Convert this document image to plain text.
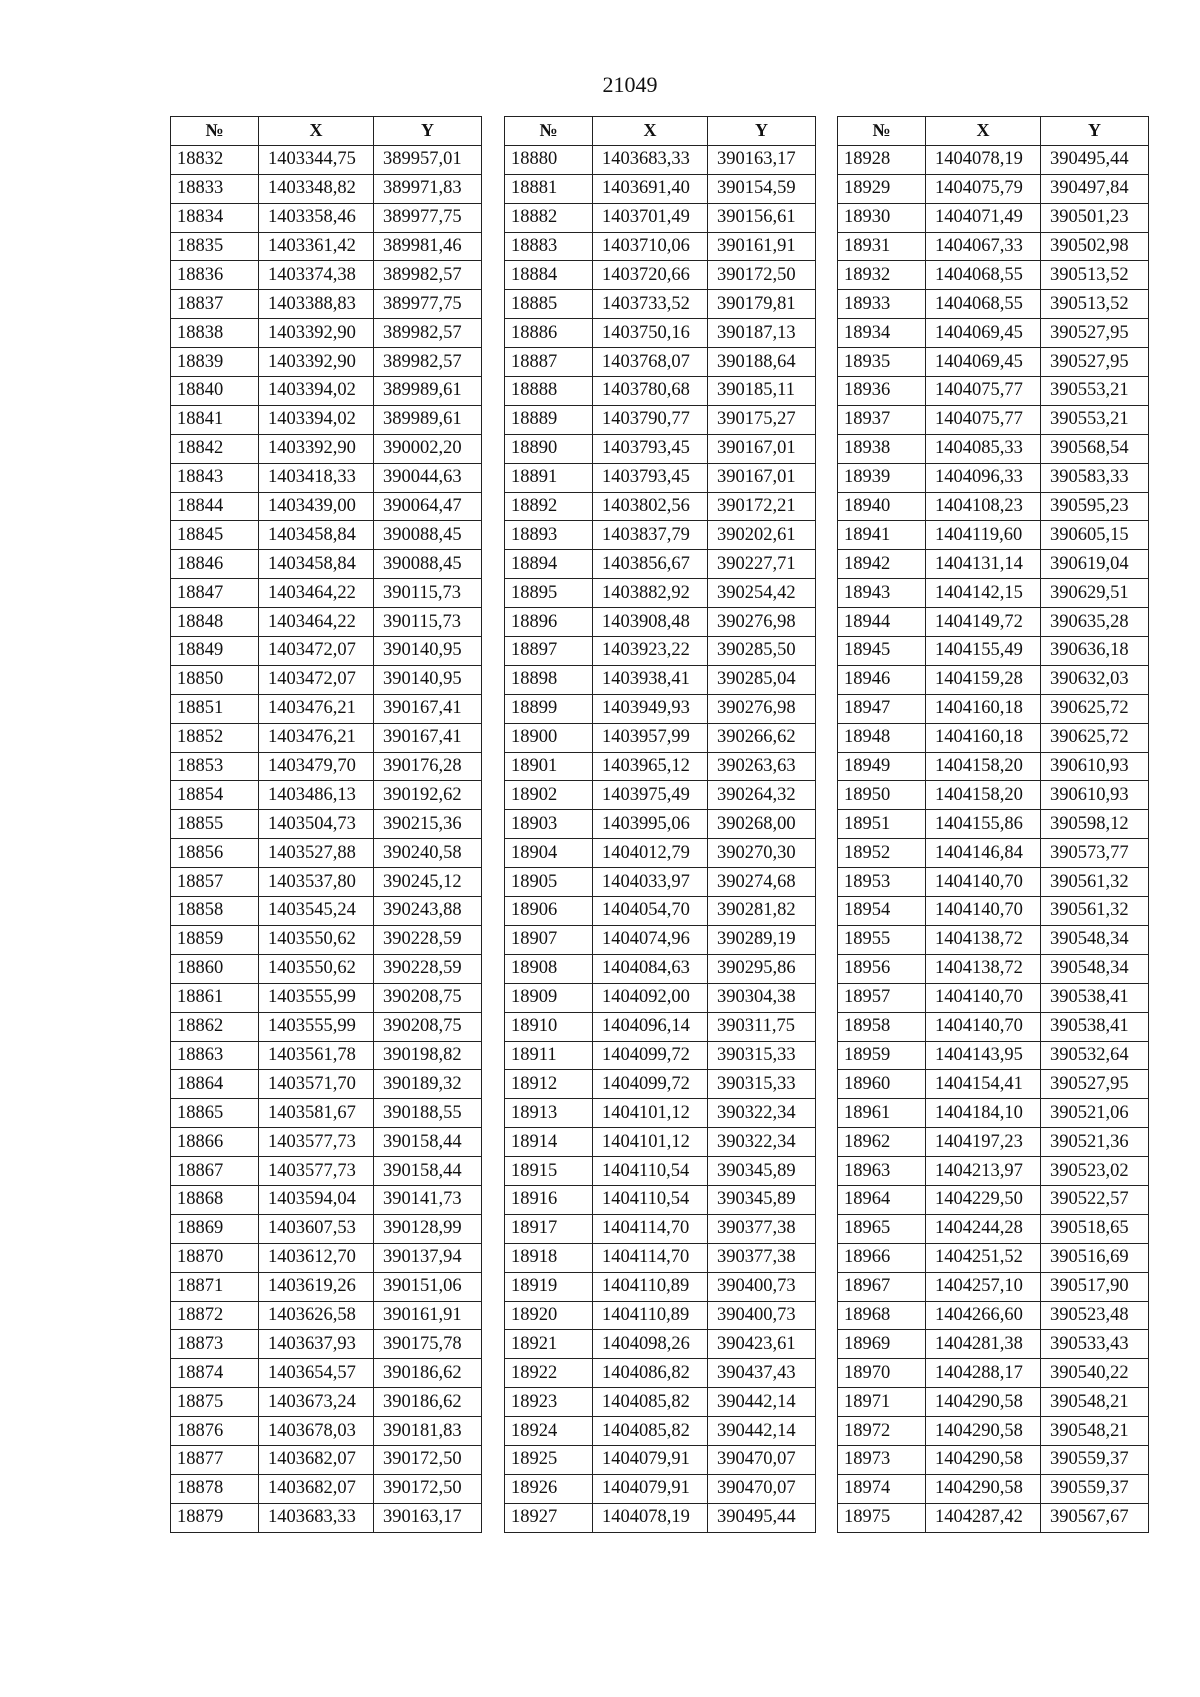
21049
№	X	Y
18832	1403344,75	389957,01
18833	1403348,82	389971,83
18834	1403358,46	389977,75
18835	1403361,42	389981,46
18836	1403374,38	389982,57
18837	1403388,83	389977,75
18838	1403392,90	389982,57
18839	1403392,90	389982,57
18840	1403394,02	389989,61
18841	1403394,02	389989,61
18842	1403392,90	390002,20
18843	1403418,33	390044,63
18844	1403439,00	390064,47
18845	1403458,84	390088,45
18846	1403458,84	390088,45
18847	1403464,22	390115,73
18848	1403464,22	390115,73
18849	1403472,07	390140,95
18850	1403472,07	390140,95
18851	1403476,21	390167,41
18852	1403476,21	390167,41
18853	1403479,70	390176,28
18854	1403486,13	390192,62
18855	1403504,73	390215,36
18856	1403527,88	390240,58
18857	1403537,80	390245,12
18858	1403545,24	390243,88
18859	1403550,62	390228,59
18860	1403550,62	390228,59
18861	1403555,99	390208,75
18862	1403555,99	390208,75
18863	1403561,78	390198,82
18864	1403571,70	390189,32
18865	1403581,67	390188,55
18866	1403577,73	390158,44
18867	1403577,73	390158,44
18868	1403594,04	390141,73
18869	1403607,53	390128,99
18870	1403612,70	390137,94
18871	1403619,26	390151,06
18872	1403626,58	390161,91
18873	1403637,93	390175,78
18874	1403654,57	390186,62
18875	1403673,24	390186,62
18876	1403678,03	390181,83
18877	1403682,07	390172,50
18878	1403682,07	390172,50
18879	1403683,33	390163,17
№	X	Y
18880	1403683,33	390163,17
18881	1403691,40	390154,59
18882	1403701,49	390156,61
18883	1403710,06	390161,91
18884	1403720,66	390172,50
18885	1403733,52	390179,81
18886	1403750,16	390187,13
18887	1403768,07	390188,64
18888	1403780,68	390185,11
18889	1403790,77	390175,27
18890	1403793,45	390167,01
18891	1403793,45	390167,01
18892	1403802,56	390172,21
18893	1403837,79	390202,61
18894	1403856,67	390227,71
18895	1403882,92	390254,42
18896	1403908,48	390276,98
18897	1403923,22	390285,50
18898	1403938,41	390285,04
18899	1403949,93	390276,98
18900	1403957,99	390266,62
18901	1403965,12	390263,63
18902	1403975,49	390264,32
18903	1403995,06	390268,00
18904	1404012,79	390270,30
18905	1404033,97	390274,68
18906	1404054,70	390281,82
18907	1404074,96	390289,19
18908	1404084,63	390295,86
18909	1404092,00	390304,38
18910	1404096,14	390311,75
18911	1404099,72	390315,33
18912	1404099,72	390315,33
18913	1404101,12	390322,34
18914	1404101,12	390322,34
18915	1404110,54	390345,89
18916	1404110,54	390345,89
18917	1404114,70	390377,38
18918	1404114,70	390377,38
18919	1404110,89	390400,73
18920	1404110,89	390400,73
18921	1404098,26	390423,61
18922	1404086,82	390437,43
18923	1404085,82	390442,14
18924	1404085,82	390442,14
18925	1404079,91	390470,07
18926	1404079,91	390470,07
18927	1404078,19	390495,44
№	X	Y
18928	1404078,19	390495,44
18929	1404075,79	390497,84
18930	1404071,49	390501,23
18931	1404067,33	390502,98
18932	1404068,55	390513,52
18933	1404068,55	390513,52
18934	1404069,45	390527,95
18935	1404069,45	390527,95
18936	1404075,77	390553,21
18937	1404075,77	390553,21
18938	1404085,33	390568,54
18939	1404096,33	390583,33
18940	1404108,23	390595,23
18941	1404119,60	390605,15
18942	1404131,14	390619,04
18943	1404142,15	390629,51
18944	1404149,72	390635,28
18945	1404155,49	390636,18
18946	1404159,28	390632,03
18947	1404160,18	390625,72
18948	1404160,18	390625,72
18949	1404158,20	390610,93
18950	1404158,20	390610,93
18951	1404155,86	390598,12
18952	1404146,84	390573,77
18953	1404140,70	390561,32
18954	1404140,70	390561,32
18955	1404138,72	390548,34
18956	1404138,72	390548,34
18957	1404140,70	390538,41
18958	1404140,70	390538,41
18959	1404143,95	390532,64
18960	1404154,41	390527,95
18961	1404184,10	390521,06
18962	1404197,23	390521,36
18963	1404213,97	390523,02
18964	1404229,50	390522,57
18965	1404244,28	390518,65
18966	1404251,52	390516,69
18967	1404257,10	390517,90
18968	1404266,60	390523,48
18969	1404281,38	390533,43
18970	1404288,17	390540,22
18971	1404290,58	390548,21
18972	1404290,58	390548,21
18973	1404290,58	390559,37
18974	1404290,58	390559,37
18975	1404287,42	390567,67
